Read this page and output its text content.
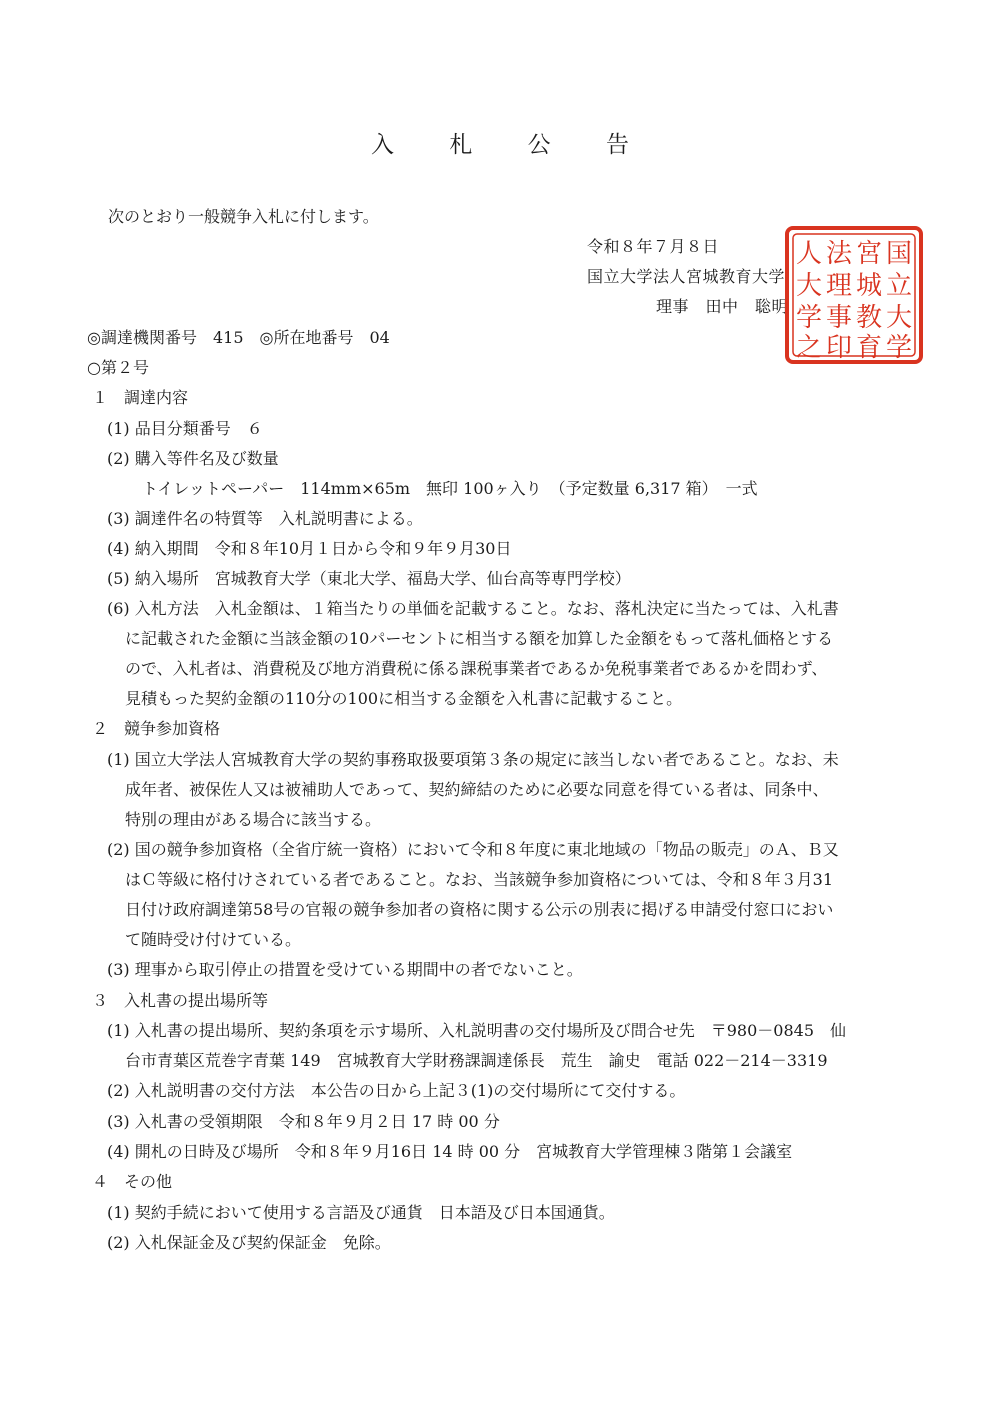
入 札 公 告
次のとおり一般競争入札に付します。
令和８年７月８日
国立大学法人宮城教育大学
理事　田中　聡明
国
立
大
学
宮
城
教
育
法
理
事
印
人
大
学
之
◎調達機関番号　415　◎所在地番号　04
○第２号
１　調達内容
(1) 品目分類番号　６
(2) 購入等件名及び数量
トイレットペーパー　114mm×65m　無印 100ヶ入り　（予定数量 6,317 箱）　一式
(3) 調達件名の特質等　入札説明書による。
(4) 納入期間　令和８年10月１日から令和９年９月30日
(5) 納入場所　宮城教育大学（東北大学、福島大学、仙台高等専門学校）
(6) 入札方法　入札金額は、１箱当たりの単価を記載すること。なお、落札決定に当たっては、入札書
に記載された金額に当該金額の10パーセントに相当する額を加算した金額をもって落札価格とする
ので、入札者は、消費税及び地方消費税に係る課税事業者であるか免税事業者であるかを問わず、
見積もった契約金額の110分の100に相当する金額を入札書に記載すること。
２　競争参加資格
(1) 国立大学法人宮城教育大学の契約事務取扱要項第３条の規定に該当しない者であること。なお、未
成年者、被保佐人又は被補助人であって、契約締結のために必要な同意を得ている者は、同条中、
特別の理由がある場合に該当する。
(2) 国の競争参加資格（全省庁統一資格）において令和８年度に東北地域の「物品の販売」のＡ、Ｂ又
はＣ等級に格付けされている者であること。なお、当該競争参加資格については、令和８年３月31
日付け政府調達第58号の官報の競争参加者の資格に関する公示の別表に掲げる申請受付窓口におい
て随時受け付けている。
(3) 理事から取引停止の措置を受けている期間中の者でないこと。
３　入札書の提出場所等
(1) 入札書の提出場所、契約条項を示す場所、入札説明書の交付場所及び問合せ先　〒980－0845　仙
台市青葉区荒巻字青葉 149　宮城教育大学財務課調達係長　荒生　諭史　電話 022－214－3319
(2) 入札説明書の交付方法　本公告の日から上記３(1)の交付場所にて交付する。
(3) 入札書の受領期限　令和８年９月２日 17 時 00 分
(4) 開札の日時及び場所　令和８年９月16日 14 時 00 分　宮城教育大学管理棟３階第１会議室
４　その他
(1) 契約手続において使用する言語及び通貨　日本語及び日本国通貨。
(2) 入札保証金及び契約保証金　免除。
